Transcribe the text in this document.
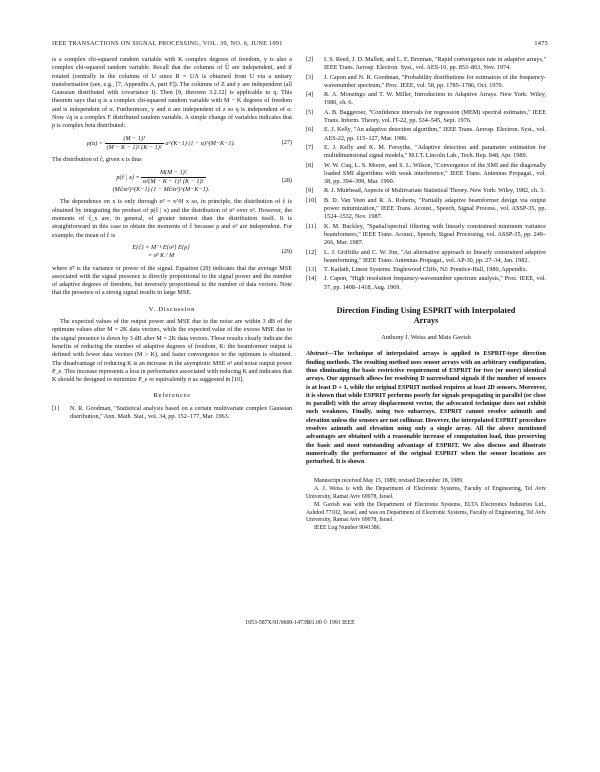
IEEE TRANSACTIONS ON SIGNAL PROCESSING, VOL. 39, NO. 6, JUNE 1991	1475

is a complex chi-squared random variable with K complex degrees of freedom, y is also a complex chi-squared random variable. Recall that the columns of Û are independent, and if rotated (centrally in the columns of U since R = UΛ is obtained from U via a unitary transformation (see, e.g., [7, Appendix A, part F]). The columns of Z and y are independent (all Gaussian distributed with covariance I). Then [9, theorem 3.2.12] is applicable to q. This theorem says that q is a complex chi-squared random variable with M − K degrees of freedom and is independent of α. Furthermore, y and α are independent of z so q is independent of α. Now √q is a complex F distributed random variable. A simple change of variables indicates that p is complex beta distributed:

$\rho(\alpha) = \frac{(M - 1)!}{(M - K - 1)! (K - 1)!}$ α^(K−1) (1 − α)^(M−K−1).	(27)

The distribution of ĉ, given x is thus

p(ĉ | $x) = \frac{M(M - 1)!}{\text{α²(M − K − 1)! (K − 1)!}}$

(Mĉ/α²)^(K−1) (1 − Mĉ/α²)^(M−K−1).
(28)

The dependence on x is only through σ² = x^H x so, in principle, the distribution of ĉ is obtained by integrating the product of p(ĉ | x) and the distribution of σ² over σ². However, the moments of ĉ_x are, in general, of greater interest than the distribution itself. It is straightforward in this case to obtain the moments of ĉ because ρ and σ² are independent. For example, the mean of ĉ is

E{ĉ} = M⁻¹ E{σ²} E{ρ}
= σ̄² K / M
(29)

where σ̄² is the variance or power of the signal. Equation (29) indicates that the average MSE associated with the signal presence is directly proportional to the signal power and the number of adaptive degrees of freedom, but inversely proportional to the number of data vectors. Note that the presence of a strong signal results in large MSE.

V. Discussion

The expected values of the output power and MSE due to the noise are within 3 dB of the optimum values after M = 2K data vectors, while the expected value of the excess MSE due to the signal presence is down by 3 dB after M = 2K data vectors. These results clearly indicate the benefits of reducing the number of adaptive degrees of freedom, K: the beamformer output is defined with fewer data vectors (M > K), and faster convergence to the optimum is obtained. The disadvantage of reducing K is an increase in the asymptotic MSE σ² and noise output power P_e. This increase represents a loss in performance associated with reducing K and indicates that K should be designed to minimize P_e or equivalently σ as suggested in [10].

References
[1]	N. R. Goodman, "Statistical analysis based on a certain multivariate complex Gaussian distribution," Ann. Math. Stat., vol. 34, pp. 152–177, Mar. 1963.
[2]	I. S. Reed, J. D. Mallett, and L. E. Brennan, "Rapid convergence rate in adaptive arrays," IEEE Trans. Aerosp. Electron. Syst., vol. AES-10, pp. 853–863, Nov. 1974.
[3]	J. Capon and N. R. Goodman, "Probability distributions for estimators of the frequency-wavenumber spectrum," Proc. IEEE, vol. 58, pp. 1785–1786, Oct. 1970.
[4]	R. A. Monzingo and T. W. Miller, Introduction to Adaptive Arrays. New York: Wiley, 1980, ch. 6.
[5]	A. B. Baggeroer, "Confidence intervals for regression (MEM) spectral estimates," IEEE Trans. Inform. Theory, vol. IT-22, pp. 534–545, Sept. 1976.
[6]	E. J. Kelly, "An adaptive detection algorithm," IEEE Trans. Aerosp. Electron. Syst., vol. AES-22, pp. 115–127, Mar. 1986.
[7]	E. J. Kelly and K. M. Forsythe, "Adaptive detection and parameter estimation for multidimensional signal models," M.I.T. Lincoln Lab., Tech. Rep. 848, Apr. 1989.
[8]	W. W. Cuq, L. S. Moore, and S. L. Wilson, "Convergence of the SMI and the diagonally loaded SMI algorithms with weak interference," IEEE Trans. Antennas Propagat., vol. 38, pp. 394–399, Mar. 1990.
[9]	R. J. Muirhead, Aspects of Multivariate Statistical Theory. New York: Wiley, 1982, ch. 3.
[10]	B. D. Van Veen and R. A. Roberts, "Partially adaptive beamformer design via output power minimization," IEEE Trans. Acoust., Speech, Signal Process., vol. ASSP-35, pp. 1524–1532, Nov. 1987.
[11]	K. M. Buckley, "Spatial/spectral filtering with linearly constrained minimum variance beamformers," IEEE Trans. Acoust., Speech, Signal Processing, vol. ASSP-35, pp. 249–266, Mar. 1987.
[12]	L. J. Griffiths and C. W. Jim, "An alternative approach to linearly constrained adaptive beamforming," IEEE Trans. Antennas Propagat., vol. AP-30, pp. 27–34, Jan. 1982.
[13]	T. Kailath, Linear Systems. Englewood Cliffs, NJ: Prentice-Hall, 1980, Appendix.
[14]	J. Capon, "High resolution frequency-wavenumber spectrum analysis," Proc. IEEE, vol. 57, pp. 1408–1418, Aug. 1969.
Direction Finding Using ESPRIT with Interpolated
Arrays
Anthony J. Weiss and Mats Gavish
Abstract—The technique of interpolated arrays is applied to ESPRIT-type direction finding methods. The resulting method uses sensor arrays with an arbitrary configuration, thus eliminating the basic restrictive requirement of ESPRIT for two (or more) identical arrays. Our approach allows for resolving D narrowband signals if the number of sensors is at least D + 1, while the original ESPRIT method requires at least 2D sensors. Moreover, it is shown that while ESPRIT performs poorly for signals propagating in parallel (or close to parallel) with the array displacement vector, the advocated technique does not exhibit such weakness. Finally, using two subarrays, ESPRIT cannot resolve azimuth and elevation unless the sensors are not collinear. However, the interpolated ESPRIT procedure resolves azimuth and elevation using only a single array. All the above mentioned advantages are obtained with a reasonable increase of computation load, thus preserving the basic and most outstanding advantage of ESPRIT. We also discuss and illustrate numerically the performance of the original ESPRIT when the sensor locations are perturbed. It is shown

Manuscript received May 15, 1989; revised December 18, 1989.

A. J. Weiss is with the Department of Electronic Systems, Faculty of Engineering, Tel Aviv University, Ramat Aviv 69978, Israel.

M. Gavish was with the Department of Electronic Systems, ELTA Electronics Industries Ltd., Ashdod 77102, Israel, and was on Department of Electronic Systems, Faculty of Engineering, Tel Aviv University, Ramat Aviv 69978, Israel.

IEEE Log Number 9041386.

1053-587X/91/0600-1473$01.00 © 1991 IEEE
